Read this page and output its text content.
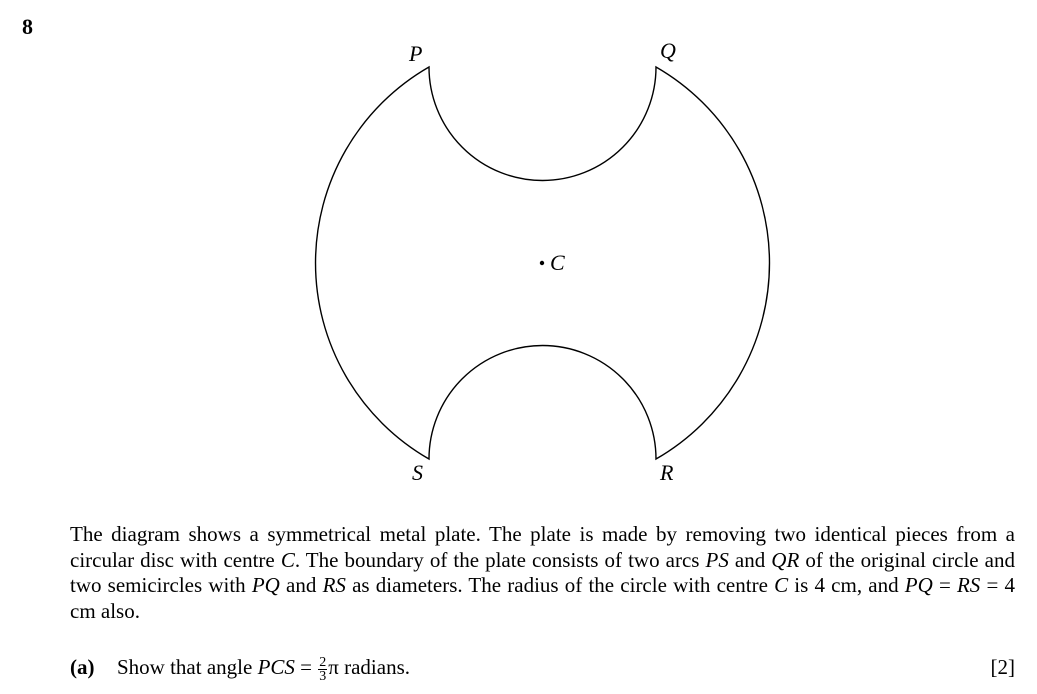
8
P	Q
C
S	R
The diagram shows a symmetrical metal plate. The plate is made by removing two identical pieces from a circular disc with centre C. The boundary of the plate consists of two arcs PS and QR of the original circle and two semicircles with PQ and RS as diameters. The radius of the circle with centre C is 4 cm, and PQ = RS = 4 cm also.
(a) Show that angle PCS = $\frac{2}{3}$ π radians.	[2]
